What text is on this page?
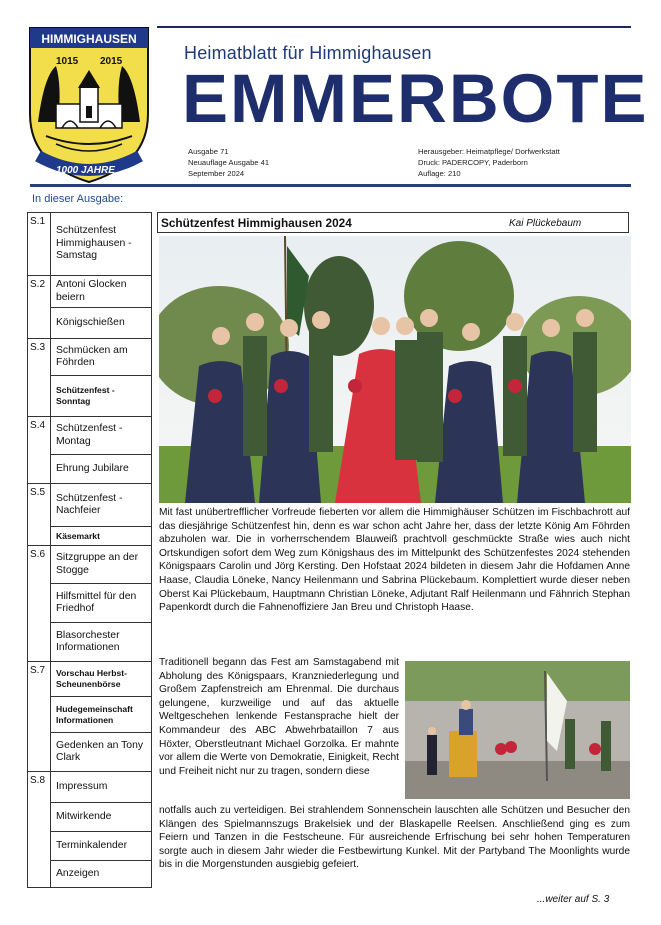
HIMMIGHAUSEN
1015 2015
1000 JAHRE
Heimatblatt für Himmighausen
EMMERBOTE
Ausgabe 71
Neuauflage Ausgabe 41
September 2024
Herausgeber: Heimatpflege/ Dorfwerkstatt
Druck: PADERCOPY, Paderborn
Auflage: 210
In dieser Ausgabe:
S.1	Schützenfest Himmighausen - Samstag
S.2	Antoni Glocken beiern
	Königschießen
S.3	Schmücken am Föhrden
	Schützenfest - Sonntag
S.4	Schützenfest - Montag
	Ehrung Jubilare
S.5	Schützenfest - Nachfeier
	Käsemarkt
S.6	Sitzgruppe an der Stogge
	Hilfsmittel für den Friedhof
	Blasorchester Informationen
S.7	Vorschau Herbst-Scheunenbörse
	Hudegemeinschaft Informationen
	Gedenken an Tony Clark
S.8	Impressum
	Mitwirkende
	Terminkalender
	Anzeigen
Schützenfest Himmighausen 2024	Kai Plückebaum
Mit fast unübertrefflicher Vorfreude fieberten vor allem die Himmighäuser Schützen im Fischbachrott auf das diesjährige Schützenfest hin, denn es war schon acht Jahre her, dass der letzte König Am Föhrden abzuholen war. Die in vorherrschendem Blauweiß prachtvoll geschmückte Straße wies auch nicht Ortskundigen sofort dem Weg zum Königshaus des im Mittelpunkt des Schützenfestes 2024 stehenden Königspaars Carolin und Jörg Kersting. Den Hofstaat 2024 bildeten in diesem Jahr die Hofdamen Anne Haase, Claudia Löneke, Nancy Heilenmann und Sabrina Plückebaum. Komplettiert wurde dieser neben Oberst Kai Plückebaum, Hauptmann Christian Löneke, Adjutant Ralf Heilenmann und Fähnrich Stephan Papenkordt durch die Fahnenoffiziere Jan Breu und Christoph Haase.
Traditionell begann das Fest am Samstagabend mit Abholung des Königspaars, Kranzniederlegung und Großem Zapfenstreich am Ehrenmal. Die durchaus gelungene, kurzweilige und auf das aktuelle Weltgeschehen lenkende Festansprache hielt der Kommandeur des ABC Abwehrbataillon 7 aus Höxter, Oberstleutnant Michael Gorzolka. Er mahnte vor allem die Werte von Demokratie, Einigkeit, Recht und Freiheit nicht nur zu tragen, sondern diese
notfalls auch zu verteidigen. Bei strahlendem Sonnenschein lauschten alle Schützen und Besucher den Klängen des Spielmannszugs Brakelsiek und der Blaskapelle Reelsen. Anschließend ging es zum Feiern und Tanzen in die Festscheune. Für ausreichende Erfrischung bei sehr hohen Temperaturen sorgte auch in diesem Jahr wieder die Festbewirtung Kunkel. Mit der Partyband The Moonlights wurde bis in die Morgenstunden ausgiebig gefeiert.
...weiter auf S. 3
